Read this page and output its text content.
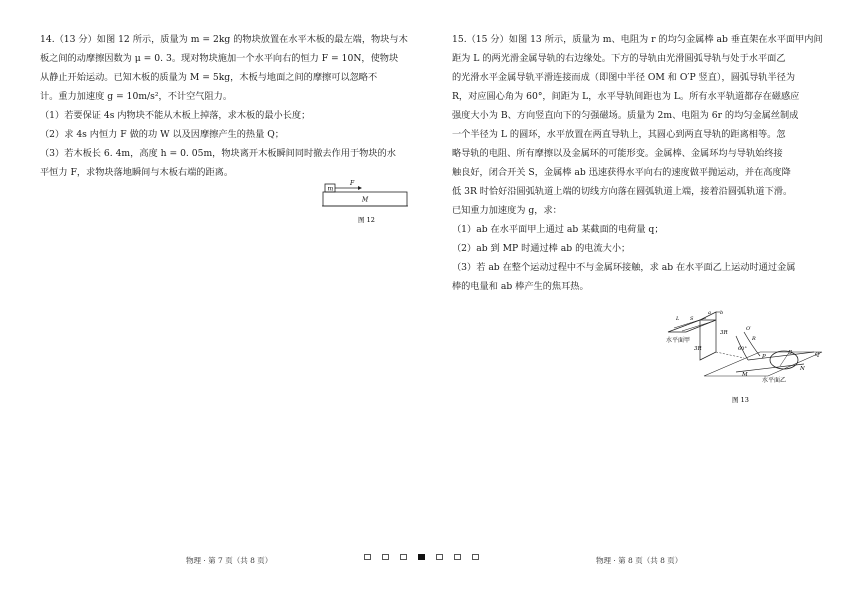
14.（13 分）如图 12 所示，质量为 m = 2kg 的物块放置在水平木板的最左端，物块与木

板之间的动摩擦因数为 μ = 0. 3。现对物块施加一个水平向右的恒力 F = 10N，使物块

从静止开始运动。已知木板的质量为 M = 5kg，木板与地面之间的摩擦可以忽略不

计。重力加速度 g = 10m/s²，不计空气阻力。

（1）若要保证 4s 内物块不能从木板上掉落，求木板的最小长度；

（2）求 4s 内恒力 F 做的功 W 以及因摩擦产生的热量 Q；

（3）若木板长 6. 4m，高度 h = 0. 05m，物块离开木板瞬间同时撤去作用于物块的水

平恒力 F，求物块落地瞬间与木板右端的距离。

m
F
M
图 12

15.（15 分）如图 13 所示，质量为 m、电阻为 r 的均匀金属棒 ab 垂直架在水平面甲内间

距为 L 的两光滑金属导轨的右边缘处。下方的导轨由光滑圆弧导轨与处于水平面乙

的光滑水平金属导轨平滑连接而成（即图中半径 OM 和 O′P 竖直），圆弧导轨半径为

R，对应圆心角为 60°，间距为 L，水平导轨间距也为 L。所有水平轨道都存在磁感应

强度大小为 B、方向竖直向下的匀强磁场。质量为 2m、电阻为 6r 的均匀金属丝制成

一个半径为 L 的圆环，水平放置在两直导轨上，其圆心到两直导轨的距离相等。忽

略导轨的电阻、所有摩擦以及金属环的可能形变。金属棒、金属环均与导轨始终接

触良好，闭合开关 S，金属棒 ab 迅速获得水平向右的速度做平抛运动，并在高度降

低 3R 时恰好沿圆弧轨道上端的切线方向落在圆弧轨道上端，接着沿圆弧轨道下滑。

已知重力加速度为 g，求：

（1）ab 在水平面甲上通过 ab 某截面的电荷量 q；

（2）ab 到 MP 时通过棒 ab 的电流大小；

（3）若 ab 在整个运动过程中不与金属环接触，求 ab 在水平面乙上运动时通过金属

棒的电量和 ab 棒产生的焦耳热。

水平面甲
水平面乙
3R
3R	60°
R
B
M
N
P	Q
O′
S
L
a b
图 13
物理 · 第 7 页（共 8 页）	物理 · 第 8 页（共 8 页）
